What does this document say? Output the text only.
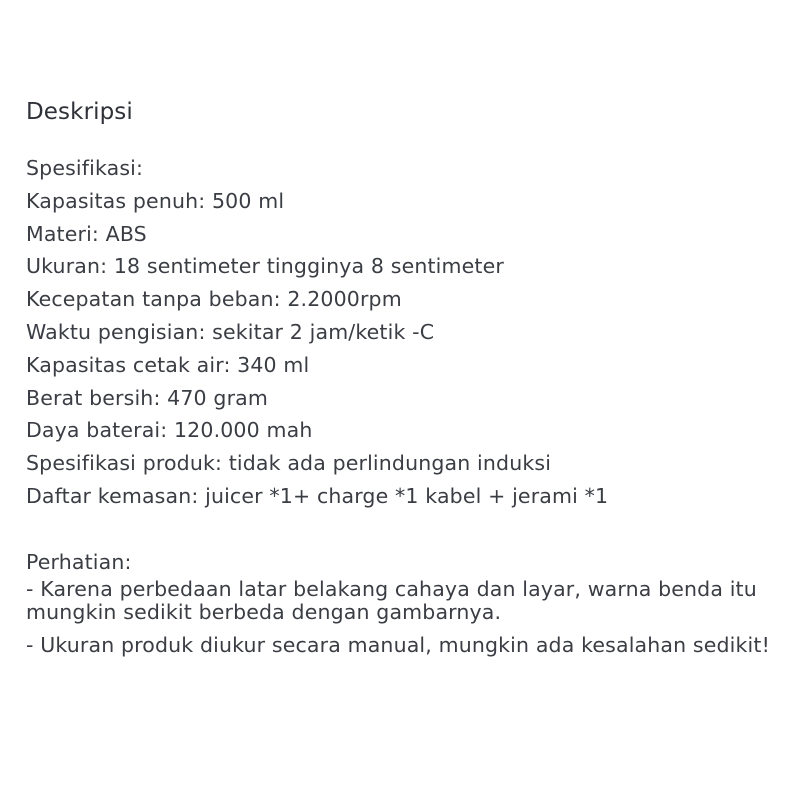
Deskripsi
Spesifikasi:
Kapasitas penuh: 500 ml
Materi: ABS
Ukuran: 18 sentimeter tingginya 8 sentimeter
Kecepatan tanpa beban: 2.2000rpm
Waktu pengisian: sekitar 2 jam/ketik -C
Kapasitas cetak air: 340 ml
Berat bersih: 470 gram
Daya baterai: 120.000 mah
Spesifikasi produk: tidak ada perlindungan induksi
Daftar kemasan: juicer *1+ charge *1 kabel + jerami *1
Perhatian:
- Karena perbedaan latar belakang cahaya dan layar, warna benda itu mungkin sedikit berbeda dengan gambarnya.
- Ukuran produk diukur secara manual, mungkin ada kesalahan sedikit!
